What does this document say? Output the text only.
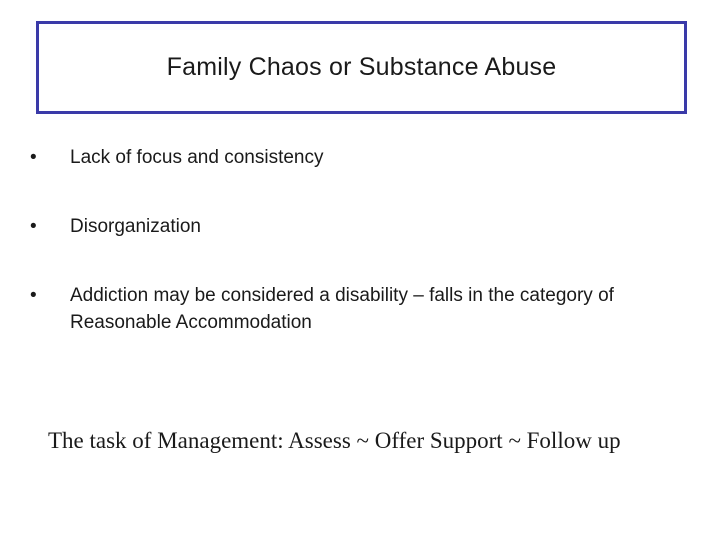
Family Chaos or Substance Abuse
•	Lack of focus and consistency
•	Disorganization
•	Addiction may be considered a disability – falls in the category of Reasonable Accommodation

The task of Management: Assess ~ Offer Support ~ Follow up
